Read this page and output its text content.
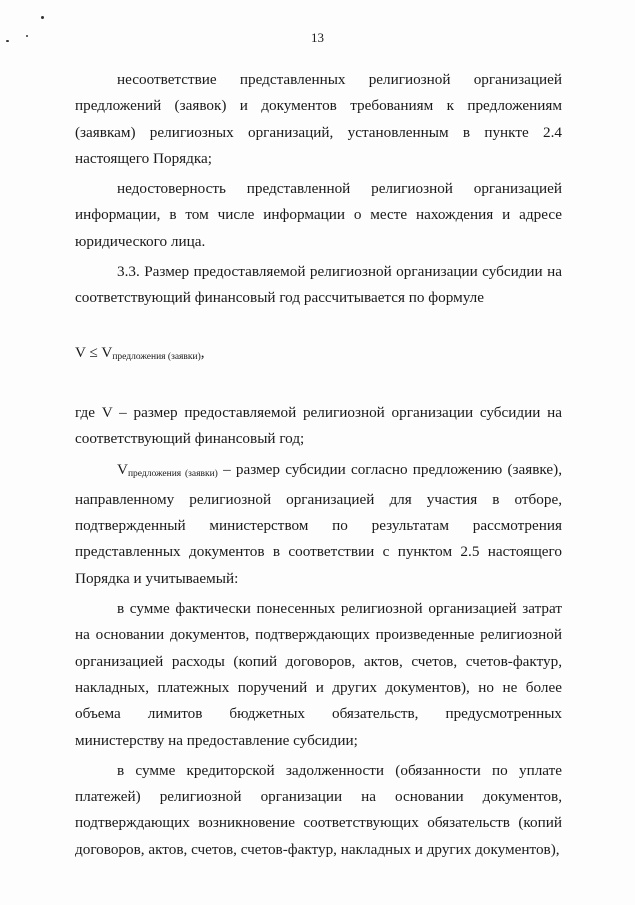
13

несоответствие представленных религиозной организацией предложений (заявок) и документов требованиям к предложениям (заявкам) религиозных организаций, установленным в пункте 2.4 настоящего Порядка;

недостоверность представленной религиозной организацией информации, в том числе информации о месте нахождения и адресе юридического лица.

3.3. Размер предоставляемой религиозной организации субсидии на соответствующий финансовый год рассчитывается по формуле

$V \le V_{предложения (заявки)}$,

где V – размер предоставляемой религиозной организации субсидии на соответствующий финансовый год;

$V_{предложения (заявки)}$ – размер субсидии согласно предложению (заявке), направленному религиозной организацией для участия в отборе, подтвержденный министерством по результатам рассмотрения представленных документов в соответствии с пунктом 2.5 настоящего Порядка и учитываемый:

в сумме фактически понесенных религиозной организацией затрат на основании документов, подтверждающих произведенные религиозной организацией расходы (копий договоров, актов, счетов, счетов-фактур, накладных, платежных поручений и других документов), но не более объема лимитов бюджетных обязательств, предусмотренных министерству на предоставление субсидии;

в сумме кредиторской задолженности (обязанности по уплате платежей) религиозной организации на основании документов, подтверждающих возникновение соответствующих обязательств (копий договоров, актов, счетов, счетов-фактур, накладных и других документов),
